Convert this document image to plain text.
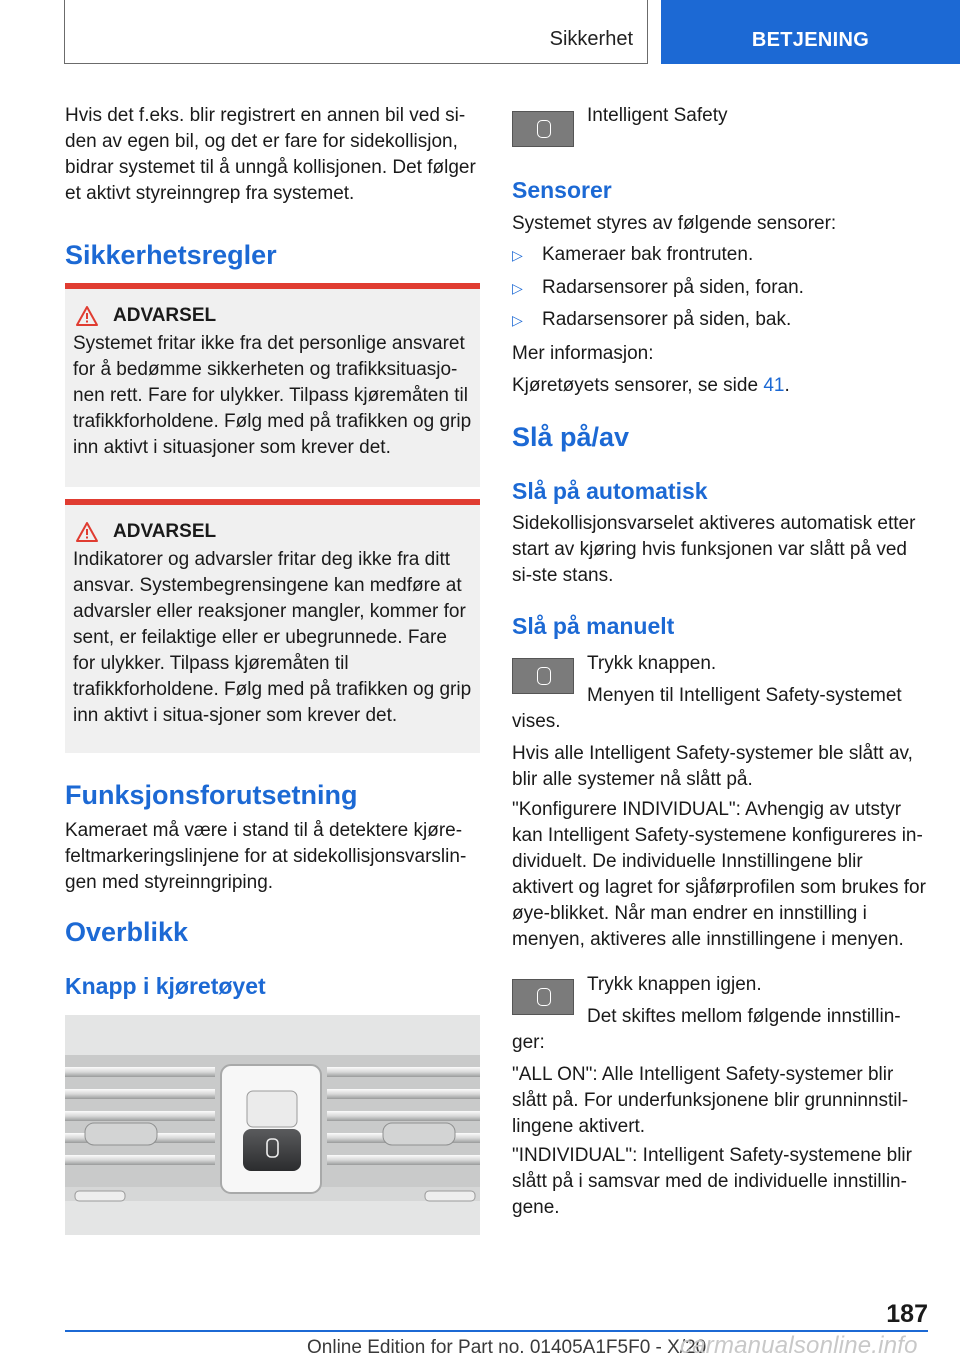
Sikkerhet	BETJENING

Hvis det f.eks. blir registrert en annen bil ved si-den av egen bil, og det er fare for sidekollisjon, bidrar systemet til å unngå kollisjonen. Det følger et aktivt styreinngrep fra systemet.

Sikkerhetsregler
ADVARSEL

Systemet fritar ikke fra det personlige ansvaret for å bedømme sikkerheten og trafikksituasjo-nen rett. Fare for ulykker. Tilpass kjøremåten til trafikkforholdene. Følg med på trafikken og grip inn aktivt i situasjoner som krever det.

ADVARSEL

Indikatorer og advarsler fritar deg ikke fra ditt ansvar. Systembegrensingene kan medføre at advarsler eller reaksjoner mangler, kommer for sent, er feilaktige eller er ubegrunnede. Fare for ulykker. Tilpass kjøremåten til trafikkforholdene. Følg med på trafikken og grip inn aktivt i situa-sjoner som krever det.

Funksjonsforutsetning

Kameraet må være i stand til å detektere kjøre-feltmarkeringslinjene for at sidekollisjonsvarslin-gen med styreinngriping.

Overblikk
Knapp i kjøretøyet

Intelligent Safety

Sensorer

Systemet styres av følgende sensorer:

▷	Kameraer bak frontruten.
▷	Radarsensorer på siden, foran.
▷	Radarsensorer på siden, bak.

Mer informasjon:

Kjøretøyets sensorer, se side 41.

Slå på/av
Slå på automatisk

Sidekollisjonsvarselet aktiveres automatisk etter start av kjøring hvis funksjonen var slått på ved si-ste stans.

Slå på manuelt

Trykk knappen.

Menyen til Intelligent Safety-systemet vises.

Hvis alle Intelligent Safety-systemer ble slått av, blir alle systemer nå slått på.

"Konfigurere INDIVIDUAL": Avhengig av utstyr kan Intelligent Safety-systemene konfigureres in-dividuelt. De individuelle Innstillingene blir aktivert og lagret for sjåførprofilen som brukes for øye-blikket. Når man endrer en innstilling i menyen, aktiveres alle innstillingene i menyen.

Trykk knappen igjen.

Det skiftes mellom følgende innstillin-ger:

"ALL ON": Alle Intelligent Safety-systemer blir slått på. For underfunksjonene blir grunninnstil-lingene aktivert.

"INDIVIDUAL": Intelligent Safety-systemene blir slått på i samsvar med de individuelle innstillin-gene.

187
Online Edition for Part no. 01405A1F5F0 - X/20
carmanualsonline.info
